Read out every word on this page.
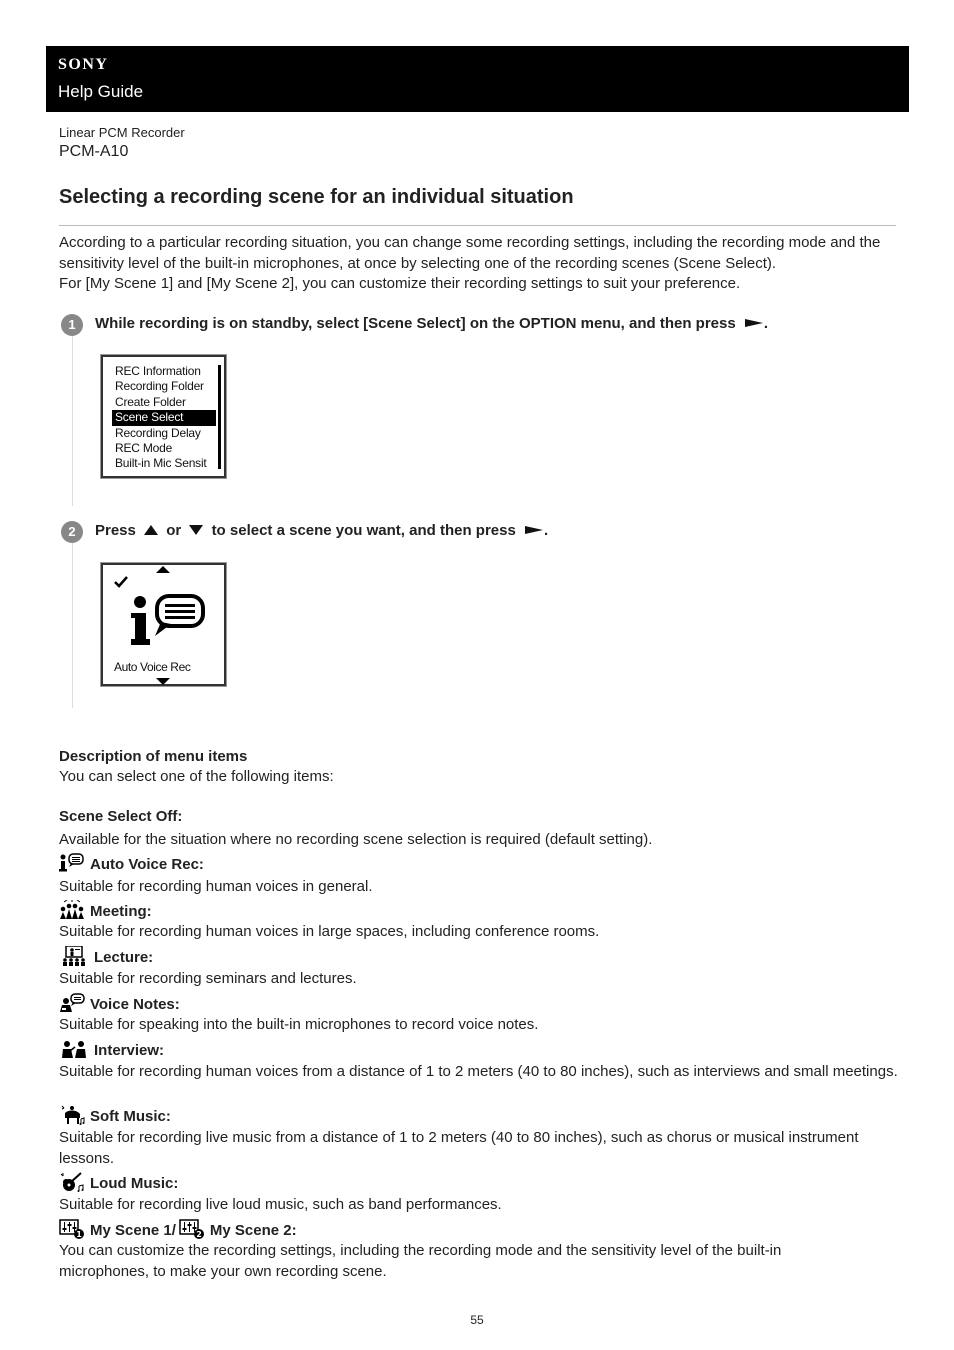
SONY
Help Guide
Linear PCM Recorder
PCM-A10
Selecting a recording scene for an individual situation
According to a particular recording situation, you can change some recording settings, including the recording mode and the sensitivity level of the built-in microphones, at once by selecting one of the recording scenes (Scene Select).
For [My Scene 1] and [My Scene 2], you can customize their recording settings to suit your preference.
1	While recording is on standby, select [Scene Select] on the OPTION menu, and then press .
REC Information
Recording Folder
Create Folder
Scene Select
Recording Delay
REC Mode
Built-in Mic Sensit
2	Press or to select a scene you want, and then press .
Auto Voice Rec
Description of menu items
You can select one of the following items:
Scene Select Off:
Available for the situation where no recording scene selection is required (default setting).
Auto Voice Rec:
Suitable for recording human voices in general.
Meeting:
Suitable for recording human voices in large spaces, including conference rooms.
Lecture:
Suitable for recording seminars and lectures.
Voice Notes:
Suitable for speaking into the built-in microphones to record voice notes.
Interview:
Suitable for recording human voices from a distance of 1 to 2 meters (40 to 80 inches), such as interviews and small meetings.
Soft Music:
Suitable for recording live music from a distance of 1 to 2 meters (40 to 80 inches), such as chorus or musical instrument lessons.
Loud Music:
Suitable for recording live loud music, such as band performances.
1 My Scene 1/	2 My Scene 2:
You can customize the recording settings, including the recording mode and the sensitivity level of the built-in microphones, to make your own recording scene.
55
